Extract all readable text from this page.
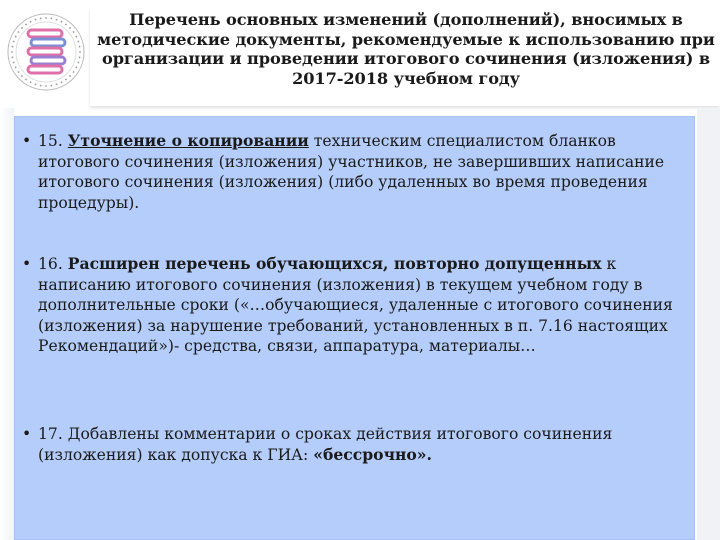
Перечень основных изменений (дополнений), вносимых в методические документы, рекомендуемые к использованию при организации и проведении итогового сочинения (изложения) в 2017-2018 учебном году
• 15. Уточнение о копировании техническим специалистом бланков итогового сочинения (изложения) участников, не завершивших написание итогового сочинения (изложения) (либо удаленных во время проведения процедуры).
• 16. Расширен перечень обучающихся, повторно допущенных к написанию итогового сочинения (изложения) в текущем учебном году в дополнительные сроки («…обучающиеся, удаленные с итогового сочинения (изложения) за нарушение требований, установленных в п. 7.16 настоящих Рекомендаций»)- средства, связи, аппаратура, материалы…
• 17. Добавлены комментарии о сроках действия итогового сочинения (изложения) как допуска к ГИА: «бессрочно».
